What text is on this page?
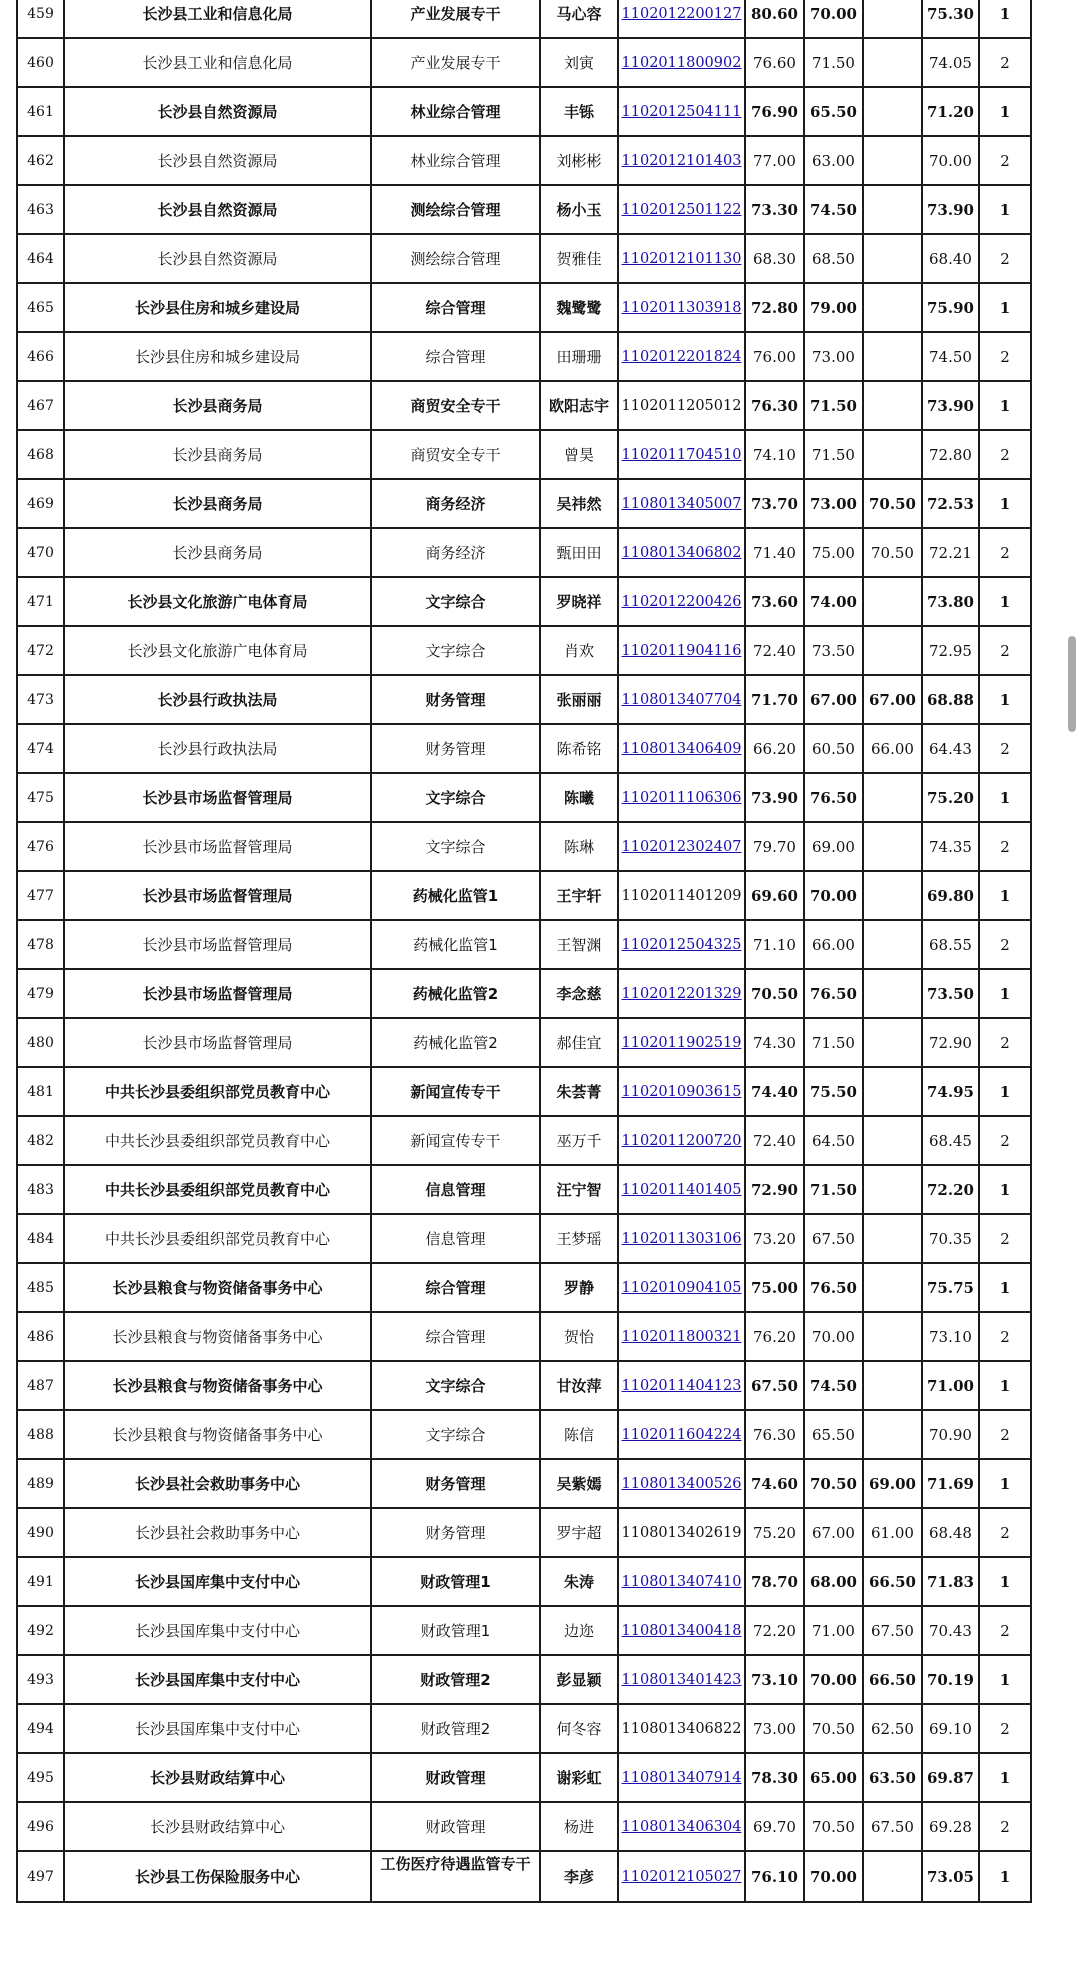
459	长沙县工业和信息化局	产业发展专干	马心容	1102012200127	80.60	70.00		75.30	1
460	长沙县工业和信息化局	产业发展专干	刘寅	1102011800902	76.60	71.50		74.05	2
461	长沙县自然资源局	林业综合管理	丰铄	1102012504111	76.90	65.50		71.20	1
462	长沙县自然资源局	林业综合管理	刘彬彬	1102012101403	77.00	63.00		70.00	2
463	长沙县自然资源局	测绘综合管理	杨小玉	1102012501122	73.30	74.50		73.90	1
464	长沙县自然资源局	测绘综合管理	贺雅佳	1102012101130	68.30	68.50		68.40	2
465	长沙县住房和城乡建设局	综合管理	魏鹭鹭	1102011303918	72.80	79.00		75.90	1
466	长沙县住房和城乡建设局	综合管理	田珊珊	1102012201824	76.00	73.00		74.50	2
467	长沙县商务局	商贸安全专干	欧阳志宇	1102011205012	76.30	71.50		73.90	1
468	长沙县商务局	商贸安全专干	曾昊	1102011704510	74.10	71.50		72.80	2
469	长沙县商务局	商务经济	吴祎然	1108013405007	73.70	73.00	70.50	72.53	1
470	长沙县商务局	商务经济	甄田田	1108013406802	71.40	75.00	70.50	72.21	2
471	长沙县文化旅游广电体育局	文字综合	罗晓祥	1102012200426	73.60	74.00		73.80	1
472	长沙县文化旅游广电体育局	文字综合	肖欢	1102011904116	72.40	73.50		72.95	2
473	长沙县行政执法局	财务管理	张丽丽	1108013407704	71.70	67.00	67.00	68.88	1
474	长沙县行政执法局	财务管理	陈希铭	1108013406409	66.20	60.50	66.00	64.43	2
475	长沙县市场监督管理局	文字综合	陈曦	1102011106306	73.90	76.50		75.20	1
476	长沙县市场监督管理局	文字综合	陈琳	1102012302407	79.70	69.00		74.35	2
477	长沙县市场监督管理局	药械化监管1	王宇轩	1102011401209	69.60	70.00		69.80	1
478	长沙县市场监督管理局	药械化监管1	王智渊	1102012504325	71.10	66.00		68.55	2
479	长沙县市场监督管理局	药械化监管2	李念慈	1102012201329	70.50	76.50		73.50	1
480	长沙县市场监督管理局	药械化监管2	郝佳宜	1102011902519	74.30	71.50		72.90	2
481	中共长沙县委组织部党员教育中心	新闻宣传专干	朱荟菁	1102010903615	74.40	75.50		74.95	1
482	中共长沙县委组织部党员教育中心	新闻宣传专干	巫万千	1102011200720	72.40	64.50		68.45	2
483	中共长沙县委组织部党员教育中心	信息管理	汪宁智	1102011401405	72.90	71.50		72.20	1
484	中共长沙县委组织部党员教育中心	信息管理	王梦瑶	1102011303106	73.20	67.50		70.35	2
485	长沙县粮食与物资储备事务中心	综合管理	罗静	1102010904105	75.00	76.50		75.75	1
486	长沙县粮食与物资储备事务中心	综合管理	贺怡	1102011800321	76.20	70.00		73.10	2
487	长沙县粮食与物资储备事务中心	文字综合	甘汝萍	1102011404123	67.50	74.50		71.00	1
488	长沙县粮食与物资储备事务中心	文字综合	陈信	1102011604224	76.30	65.50		70.90	2
489	长沙县社会救助事务中心	财务管理	吴紫嫣	1108013400526	74.60	70.50	69.00	71.69	1
490	长沙县社会救助事务中心	财务管理	罗宇超	1108013402619	75.20	67.00	61.00	68.48	2
491	长沙县国库集中支付中心	财政管理1	朱涛	1108013407410	78.70	68.00	66.50	71.83	1
492	长沙县国库集中支付中心	财政管理1	边迩	1108013400418	72.20	71.00	67.50	70.43	2
493	长沙县国库集中支付中心	财政管理2	彭显颖	1108013401423	73.10	70.00	66.50	70.19	1
494	长沙县国库集中支付中心	财政管理2	何冬容	1108013406822	73.00	70.50	62.50	69.10	2
495	长沙县财政结算中心	财政管理	谢彩虹	1108013407914	78.30	65.00	63.50	69.87	1
496	长沙县财政结算中心	财政管理	杨进	1108013406304	69.70	70.50	67.50	69.28	2
497	长沙县工伤保险服务中心	工伤医疗待遇监管专干	李彦	1102012105027	76.10	70.00		73.05	1
